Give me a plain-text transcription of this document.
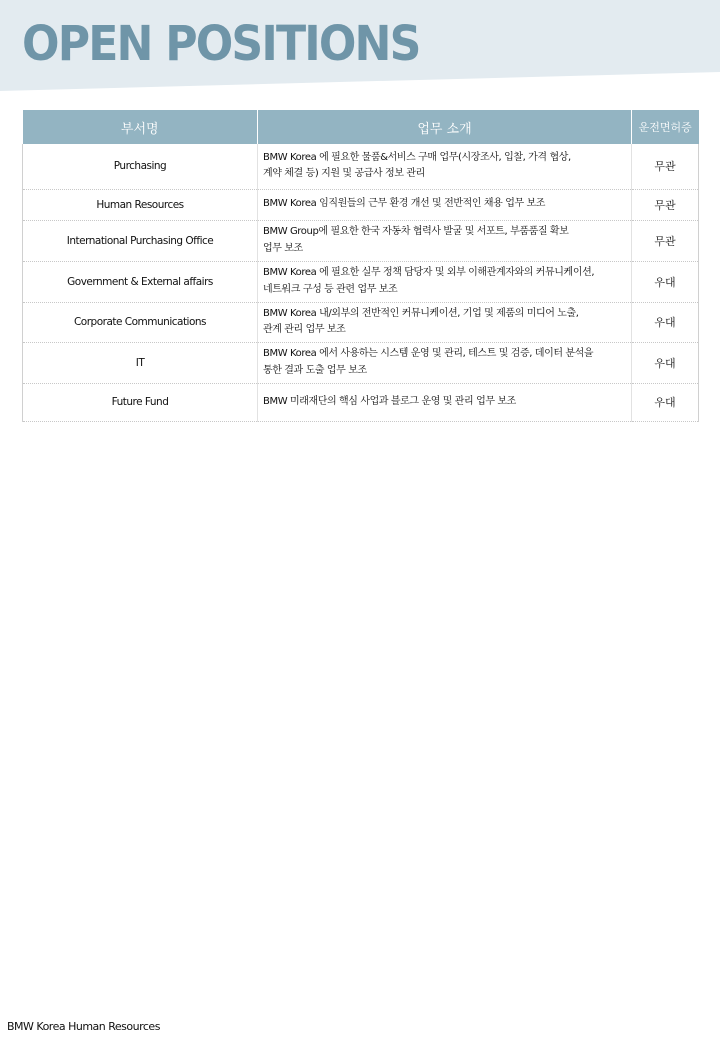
OPEN POSITIONS
부서명	업무 소개	운전면허증
Purchasing	BMW Korea 에 필요한 물품&서비스 구매 업무(시장조사, 입찰, 가격 협상,
계약 체결 등) 지원 및 공급사 정보 관리	무관
Human Resources	BMW Korea 임직원들의 근무 환경 개선 및 전반적인 채용 업무 보조	무관
International Purchasing Office	BMW Group에 필요한 한국 자동차 협력사 발굴 및 서포트, 부품품질 확보
업무 보조	무관
Government & External affairs	BMW Korea 에 필요한 실무 정책 담당자 및 외부 이해관계자와의 커뮤니케이션,
네트워크 구성 등 관련 업무 보조	우대
Corporate Communications	BMW Korea 내/외부의 전반적인 커뮤니케이션, 기업 및 제품의 미디어 노출,
관계 관리 업무 보조	우대
IT	BMW Korea 에서 사용하는 시스템 운영 및 관리, 테스트 및 검증, 데이터 분석을
통한 결과 도출 업무 보조	우대
Future Fund	BMW 미래재단의 핵심 사업과 블로그 운영 및 관리 업무 보조	우대
BMW Korea Human Resources
